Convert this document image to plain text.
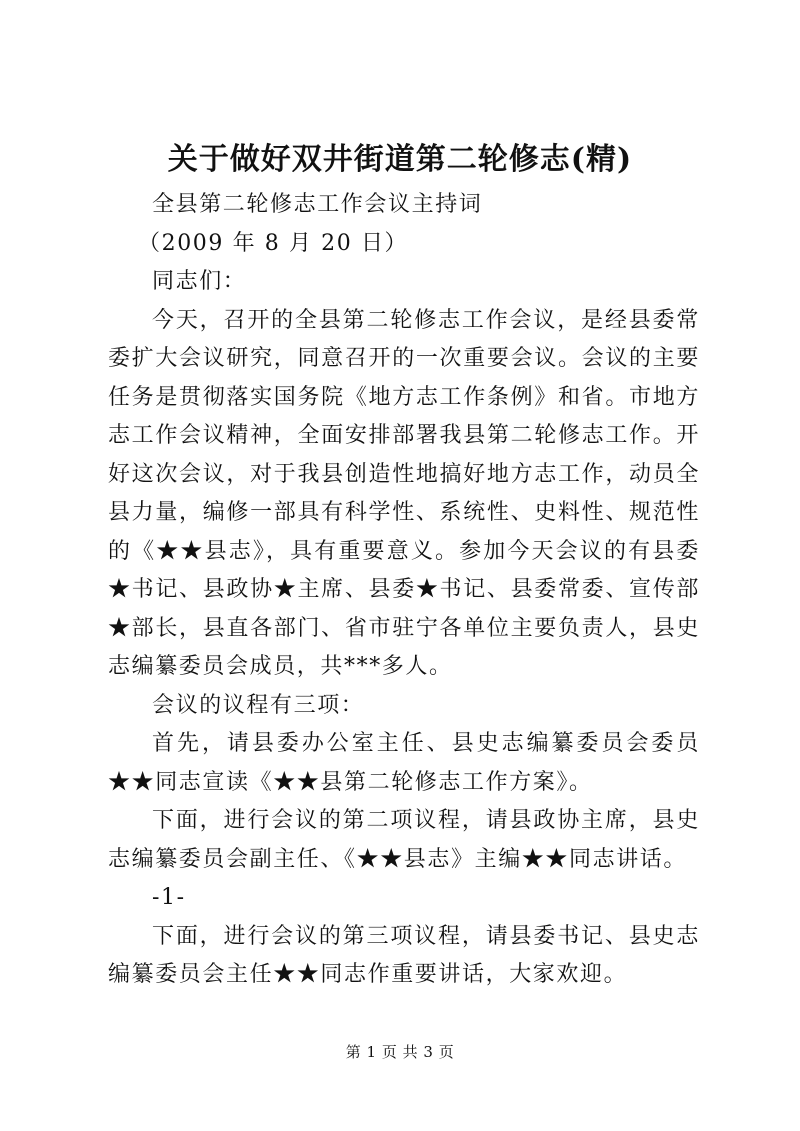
关于做好双井街道第二轮修志(精)

全县第二轮修志工作会议主持词

（2009 年 8 月 20 日）

同志们：

今天，召开的全县第二轮修志工作会议，是经县委常委扩大会议研究，同意召开的一次重要会议。会议的主要任务是贯彻落实国务院《地方志工作条例》和省。市地方志工作会议精神，全面安排部署我县第二轮修志工作。开好这次会议，对于我县创造性地搞好地方志工作，动员全县力量，编修一部具有科学性、系统性、史料性、规范性的《★★县志》，具有重要意义。参加今天会议的有县委★书记、县政协★主席、县委★书记、县委常委、宣传部★部长，县直各部门、省市驻宁各单位主要负责人，县史志编纂委员会成员，共***多人。

会议的议程有三项：

首先，请县委办公室主任、县史志编纂委员会委员★★同志宣读《★★县第二轮修志工作方案》。

下面，进行会议的第二项议程，请县政协主席，县史志编纂委员会副主任、《★★县志》主编★★同志讲话。

-1-

下面，进行会议的第三项议程，请县委书记、县史志编纂委员会主任★★同志作重要讲话，大家欢迎。

第 1 页 共 3 页
